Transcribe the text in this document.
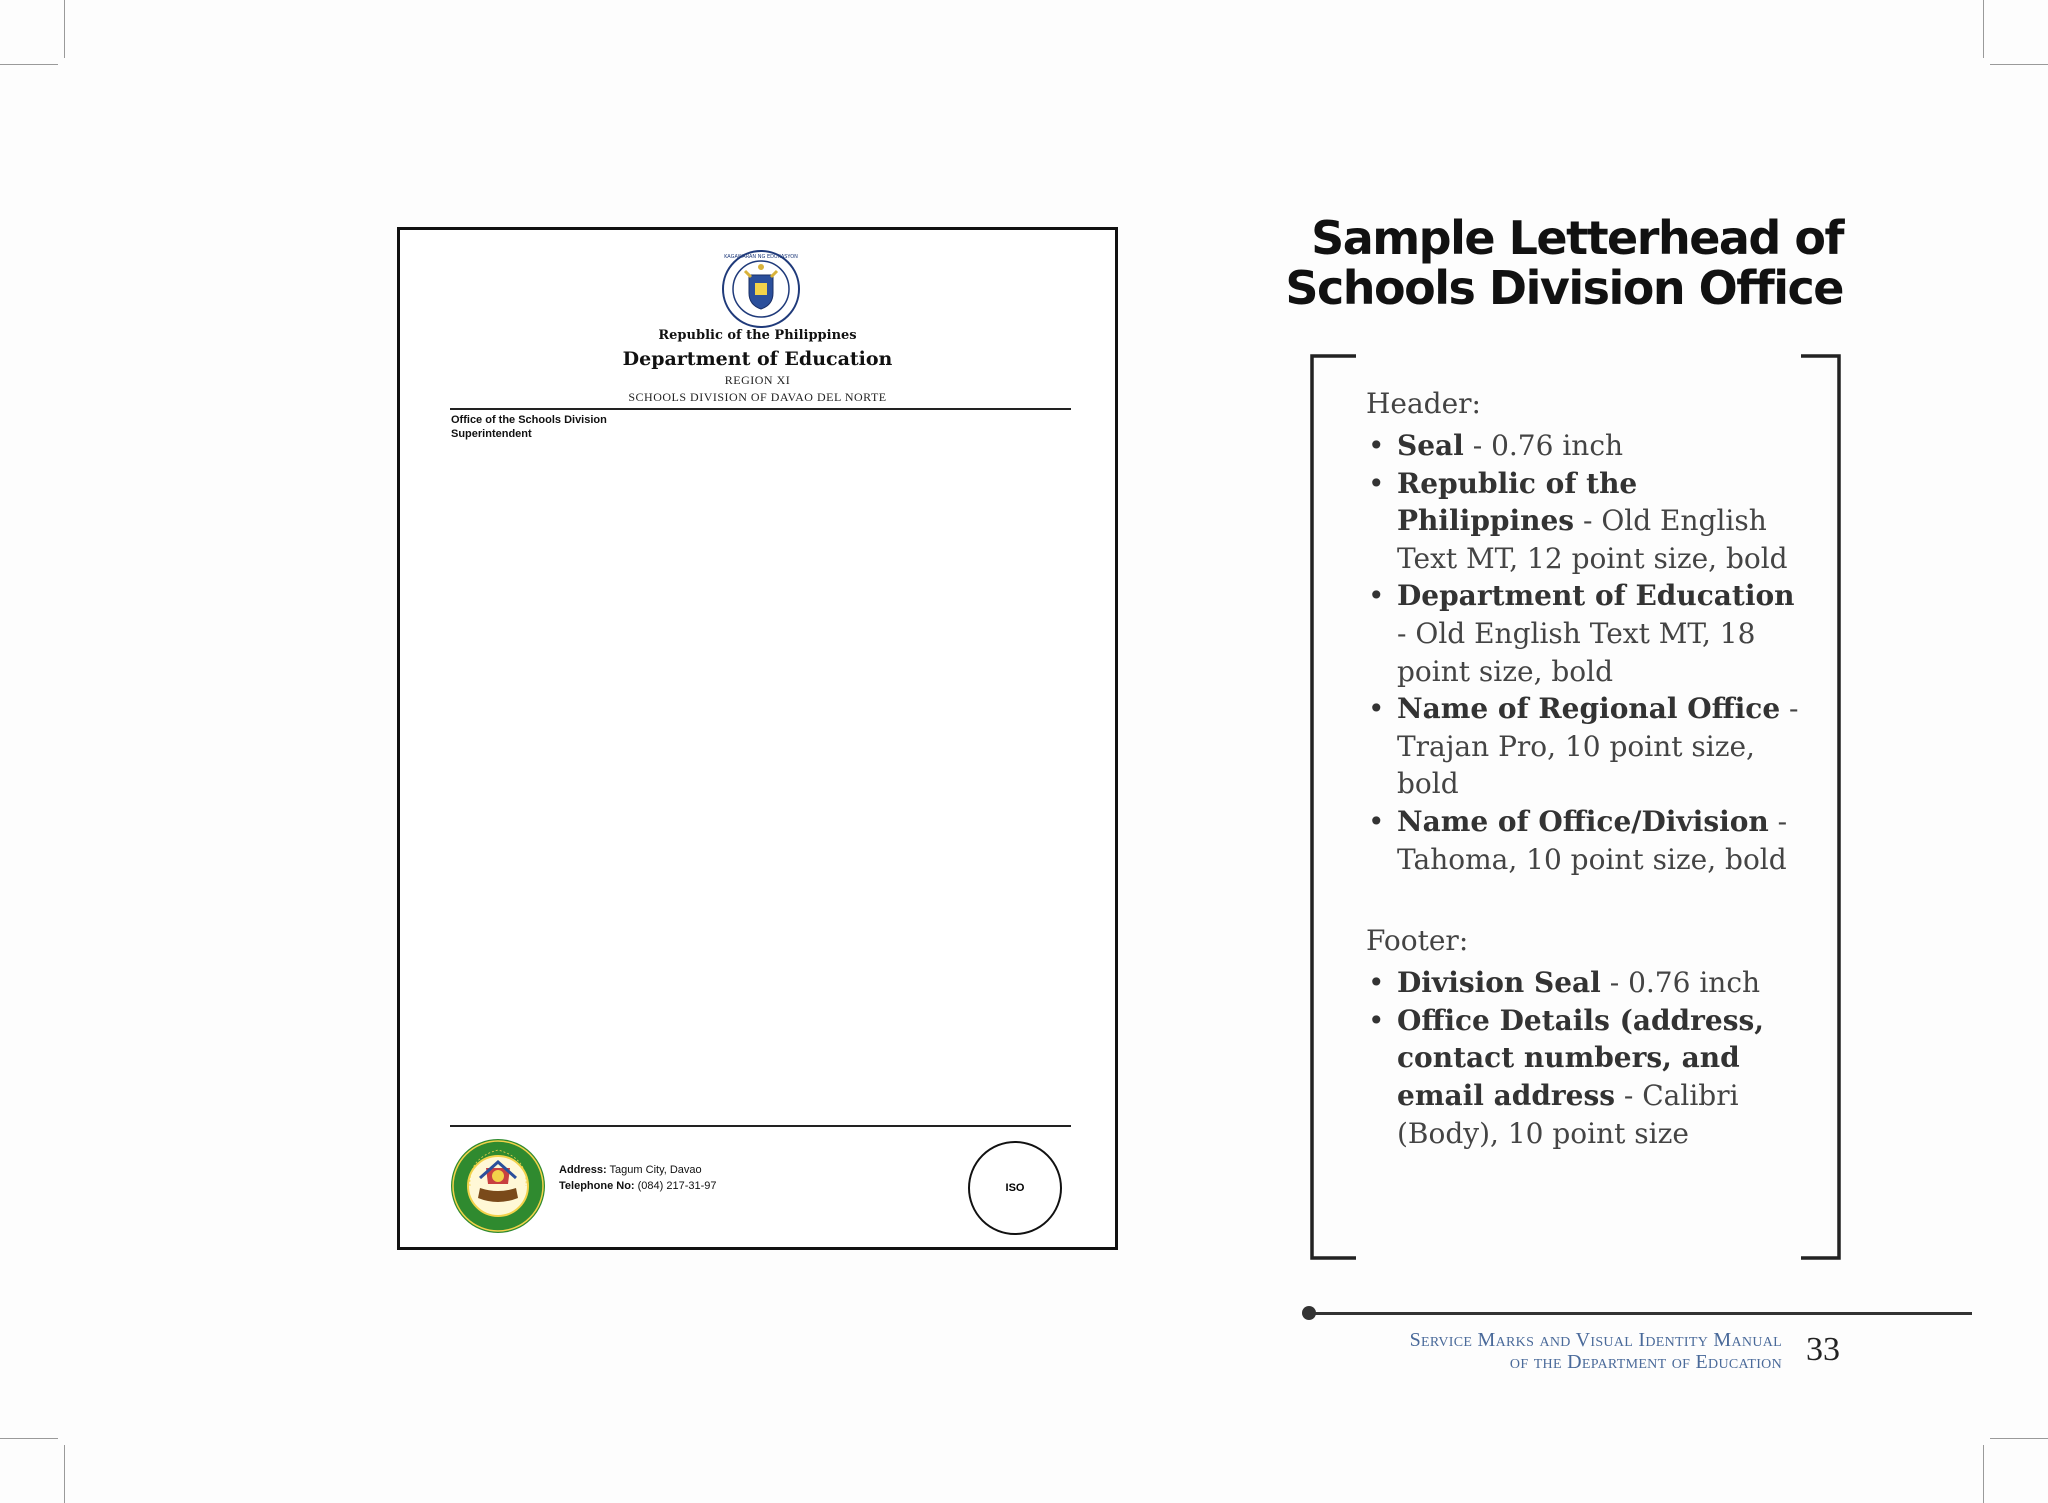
KAGAWARAN NG EDUKASYON
Republic of the Philippines
Department of Education
REGION XI
SCHOOLS DIVISION OF DAVAO DEL NORTE
Office of the Schools Division
Superintendent
Address: Tagum City, Davao
Telephone No: (084) 217-31-97	ISO
Sample Letterhead of
Schools Division Office
Header:
• Seal - 0.76 inch
• Republic of the Philippines - Old English Text MT, 12 point size, bold
• Department of Education - Old English Text MT, 18 point size, bold
• Name of Regional Office - Trajan Pro, 10 point size, bold
• Name of Office/Division - Tahoma, 10 point size, bold
Footer:
• Division Seal - 0.76 inch
• Office Details (address, contact numbers, and email address - Calibri (Body), 10 point size
Service Marks and Visual Identity Manual
of the Department of Education 33
